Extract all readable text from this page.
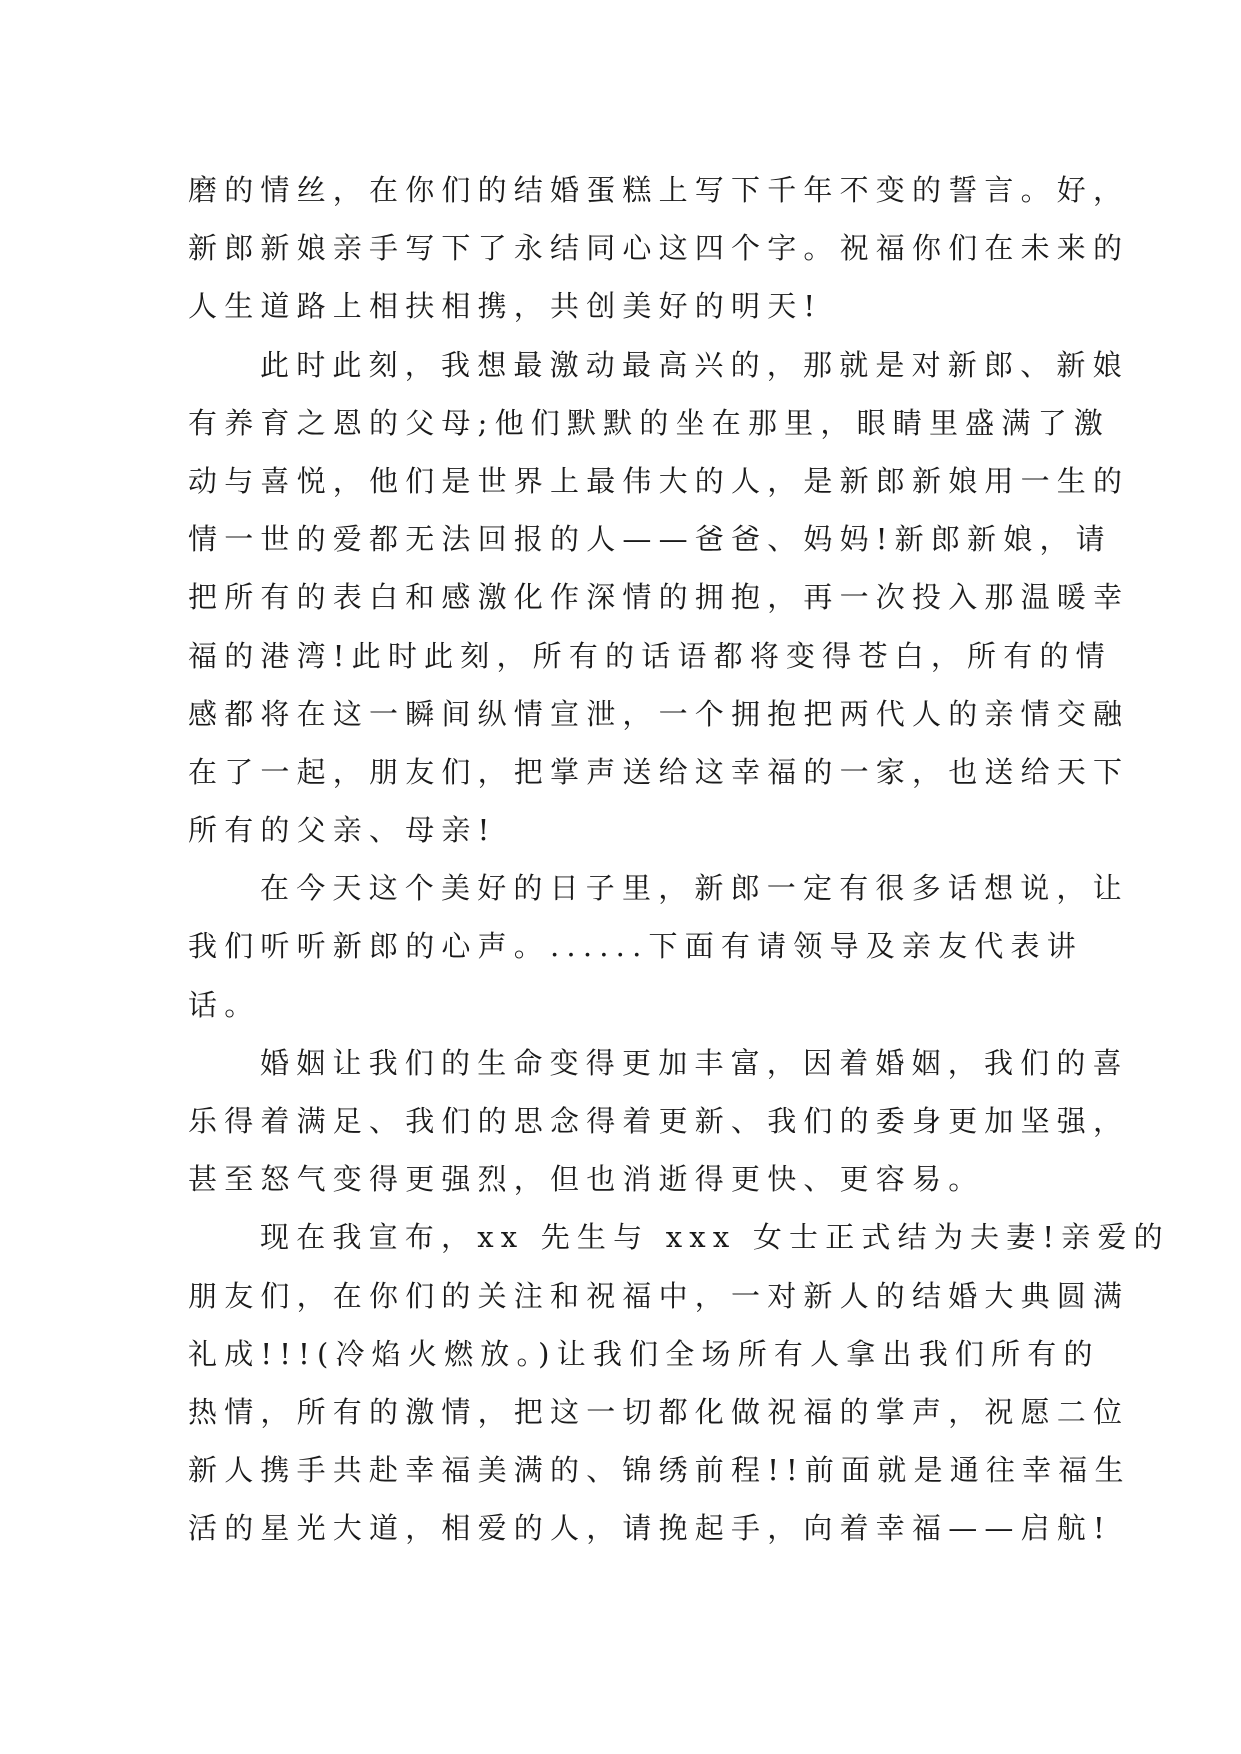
磨的情丝，在你们的结婚蛋糕上写下千年不变的誓言。好，
新郎新娘亲手写下了永结同心这四个字。祝福你们在未来的
人生道路上相扶相携，共创美好的明天!
此时此刻，我想最激动最高兴的，那就是对新郎、新娘
有养育之恩的父母;他们默默的坐在那里，眼睛里盛满了激
动与喜悦，他们是世界上最伟大的人，是新郎新娘用一生的
情一世的爱都无法回报的人——爸爸、妈妈!新郎新娘，请
把所有的表白和感激化作深情的拥抱，再一次投入那温暖幸
福的港湾!此时此刻，所有的话语都将变得苍白，所有的情
感都将在这一瞬间纵情宣泄，一个拥抱把两代人的亲情交融
在了一起，朋友们，把掌声送给这幸福的一家，也送给天下
所有的父亲、母亲!
在今天这个美好的日子里，新郎一定有很多话想说，让
我们听听新郎的心声。......下面有请领导及亲友代表讲
话。
婚姻让我们的生命变得更加丰富，因着婚姻，我们的喜
乐得着满足、我们的思念得着更新、我们的委身更加坚强，
甚至怒气变得更强烈，但也消逝得更快、更容易。
现在我宣布，xx 先生与 xxx 女士正式结为夫妻!亲爱的
朋友们，在你们的关注和祝福中，一对新人的结婚大典圆满
礼成!!!(冷焰火燃放。)让我们全场所有人拿出我们所有的
热情，所有的激情，把这一切都化做祝福的掌声，祝愿二位
新人携手共赴幸福美满的、锦绣前程!!前面就是通往幸福生
活的星光大道，相爱的人，请挽起手，向着幸福——启航!
